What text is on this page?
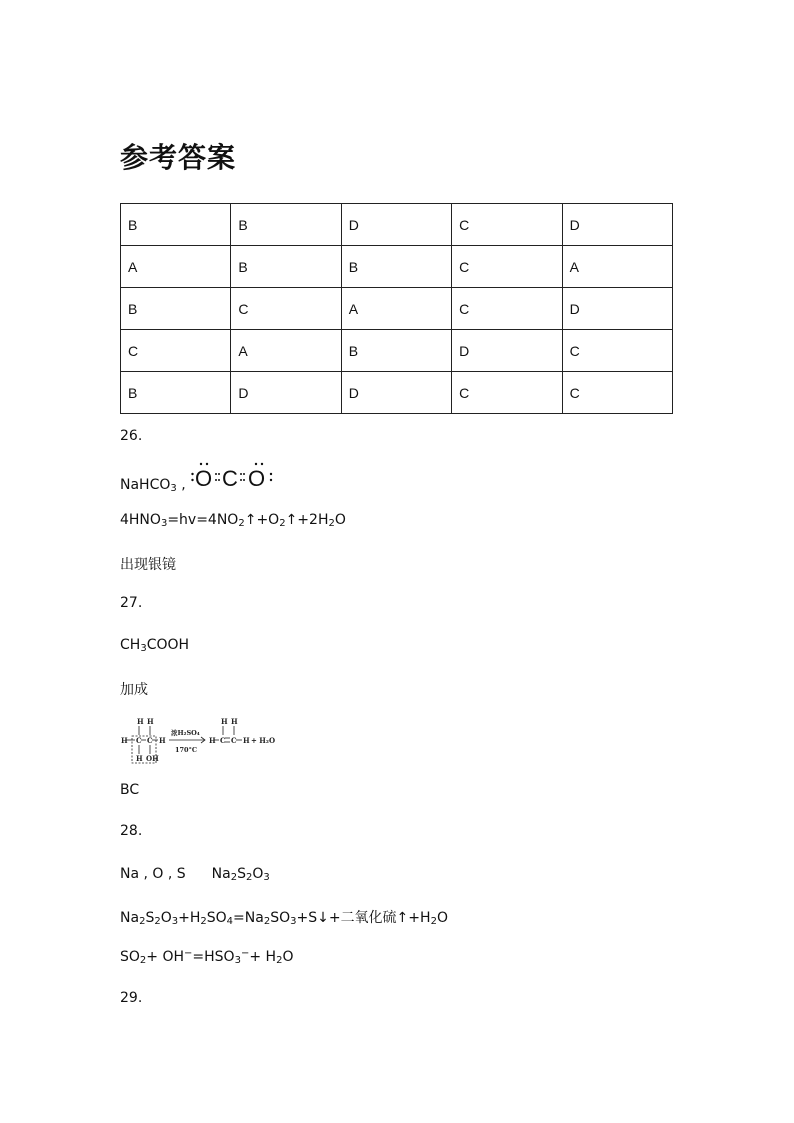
参考答案
B	B	D	C	D
A	B	B	C	A
B	C	A	C	D
C	A	B	D	C
B	D	D	C	C
26.
NaHCO$_3$ , O C O
$4HNO_3=hv=4NO_2↑+O_2↑+2H_2O$
出现银镜
27.
$CH_3COOH$
加成
H H
H C C H
H OH
浓H₂SO₄
170°C
H H
H C C H + H₂O
BC
28.
Na , O , S $Na_2S_2O_3$
$Na_2S_2O_3+H_2SO_4=Na_2SO_3+S↓+$二氧化硫$↑+H_2O$
$SO_2+ OH^-=HSO_3^-+ H_2O$
29.
